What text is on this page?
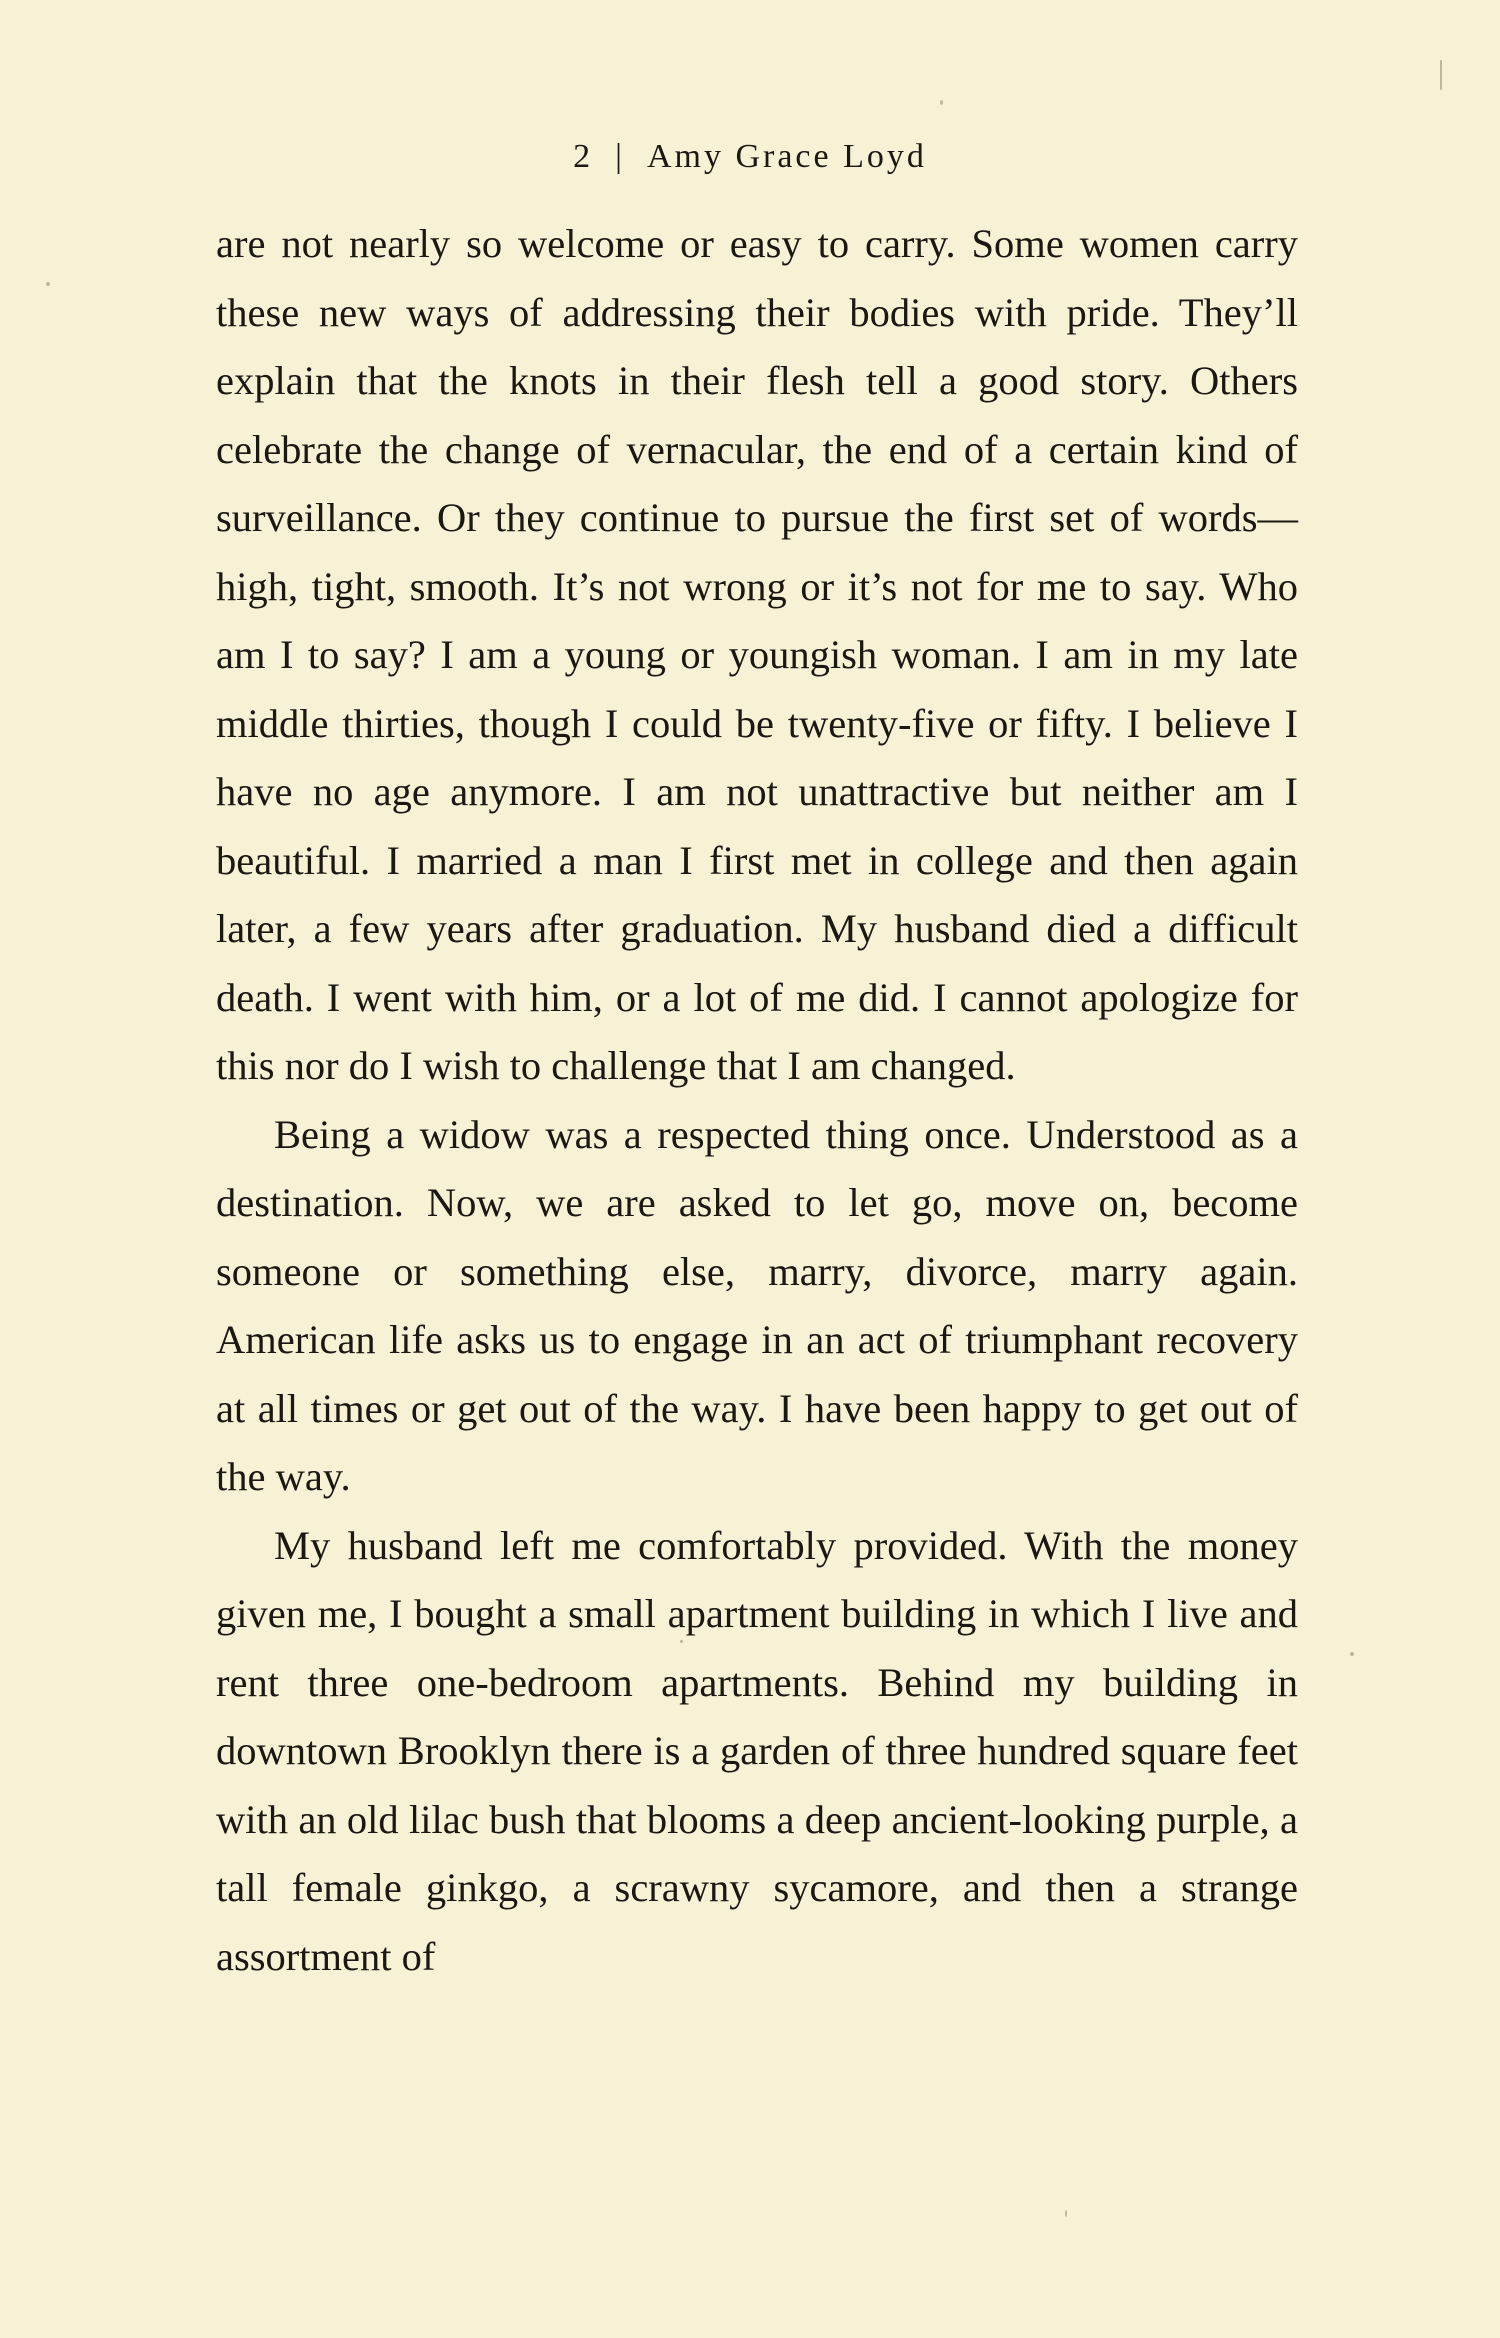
2 | Amy Grace Loyd

are not nearly so welcome or easy to carry. Some women carry these new ways of addressing their bodies with pride. They’ll explain that the knots in their flesh tell a good story. Others celebrate the change of vernacular, the end of a certain kind of surveillance. Or they continue to pursue the first set of words—high, tight, smooth. It’s not wrong or it’s not for me to say. Who am I to say? I am a young or youngish woman. I am in my late middle thirties, though I could be twenty-five or fifty. I believe I have no age anymore. I am not unattractive but neither am I beautiful. I married a man I first met in college and then again later, a few years after graduation. My husband died a difficult death. I went with him, or a lot of me did. I cannot apologize for this nor do I wish to challenge that I am changed.

Being a widow was a respected thing once. Understood as a destination. Now, we are asked to let go, move on, become someone or something else, marry, divorce, marry again. American life asks us to engage in an act of triumphant recovery at all times or get out of the way. I have been happy to get out of the way.

My husband left me comfortably provided. With the money given me, I bought a small apartment building in which I live and rent three one-bedroom apartments. Behind my building in downtown Brooklyn there is a garden of three hundred square feet with an old lilac bush that blooms a deep ancient-looking purple, a tall female ginkgo, a scrawny sycamore, and then a strange assortment of
